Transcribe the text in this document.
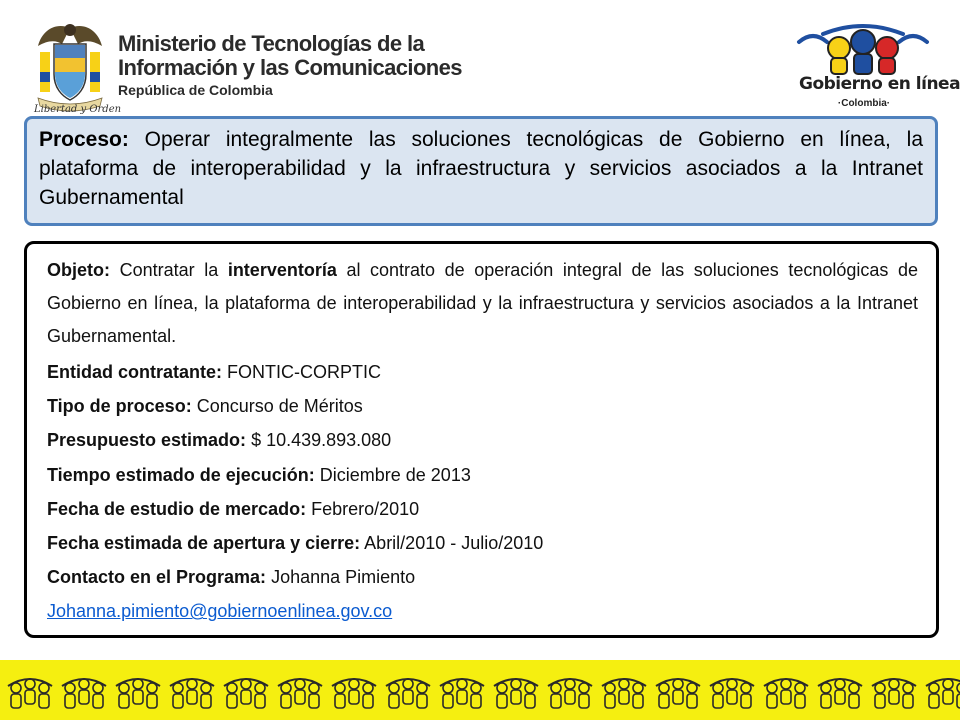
Ministerio de Tecnologías de la
Información y las Comunicaciones
República de Colombia
Libertad y Orden
Gobierno en línea
·Colombia·
Proceso: Operar integralmente las soluciones tecnológicas de Gobierno en línea, la plataforma de interoperabilidad y la infraestructura y servicios asociados a la Intranet Gubernamental
Objeto: Contratar la interventoría al contrato de operación integral de las soluciones tecnológicas de Gobierno en línea, la plataforma de interoperabilidad y la infraestructura y servicios asociados a la Intranet Gubernamental.
Entidad contratante: FONTIC-CORPTIC
Tipo de proceso: Concurso de Méritos
Presupuesto estimado: $ 10.439.893.080
Tiempo estimado de ejecución: Diciembre de 2013
Fecha de estudio de mercado: Febrero/2010
Fecha estimada de apertura y cierre: Abril/2010 - Julio/2010
Contacto en el Programa: Johanna Pimiento
Johanna.pimiento@gobiernoenlinea.gov.co
